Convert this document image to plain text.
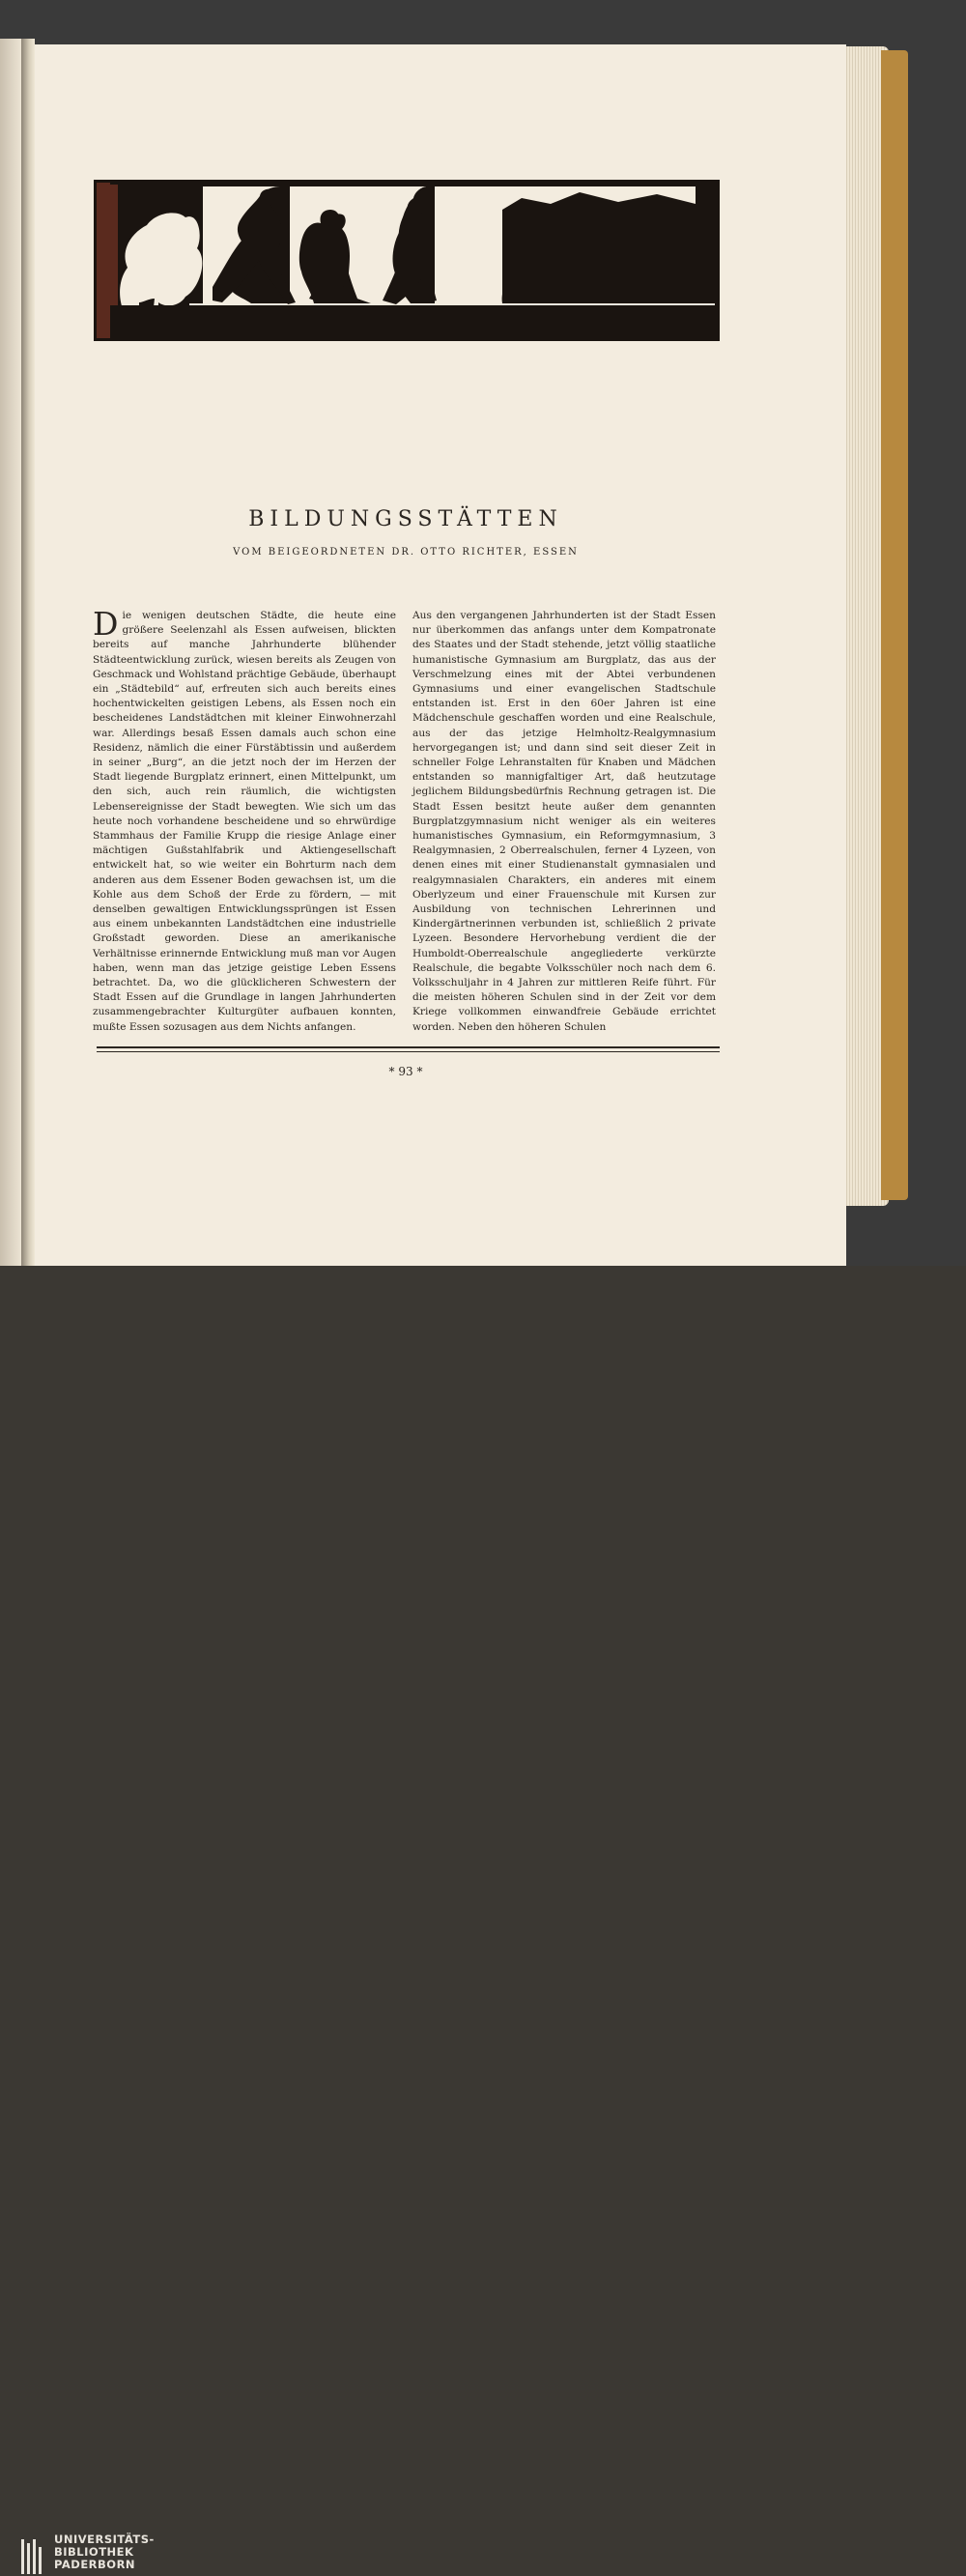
BILDUNGSSTÄTTEN
VOM BEIGEORDNETEN DR. OTTO RICHTER, ESSEN
Die wenigen deutschen Städte, die heute eine größere Seelenzahl als Essen aufweisen, blickten bereits auf manche Jahrhunderte blühender Städteentwicklung zurück, wiesen bereits als Zeugen von Geschmack und Wohlstand prächtige Gebäude, überhaupt ein „Städtebild“ auf, erfreuten sich auch bereits eines hochentwickelten geistigen Lebens, als Essen noch ein bescheidenes Landstädtchen mit kleiner Einwohnerzahl war. Allerdings besaß Essen damals auch schon eine Residenz, nämlich die einer Fürstäbtissin und außerdem in seiner „Burg“, an die jetzt noch der im Herzen der Stadt liegende Burgplatz erinnert, einen Mittelpunkt, um den sich, auch rein räumlich, die wichtigsten Lebensereignisse der Stadt bewegten. Wie sich um das heute noch vorhandene bescheidene und so ehrwürdige Stammhaus der Familie Krupp die riesige Anlage einer mächtigen Gußstahlfabrik und Aktiengesellschaft entwickelt hat, so wie weiter ein Bohrturm nach dem anderen aus dem Essener Boden gewachsen ist, um die Kohle aus dem Schoß der Erde zu fördern, — mit denselben gewaltigen Entwicklungssprüngen ist Essen aus einem unbekannten Landstädtchen eine industrielle Großstadt geworden. Diese an amerikanische Verhältnisse erinnernde Entwicklung muß man vor Augen haben, wenn man das jetzige geistige Leben Essens betrachtet. Da, wo die glücklicheren Schwestern der Stadt Essen auf die Grundlage in langen Jahrhunderten zusammengebrachter Kulturgüter aufbauen konnten, mußte Essen sozusagen aus dem Nichts anfangen.
Aus den vergangenen Jahrhunderten ist der Stadt Essen nur überkommen das anfangs unter dem Kompatronate des Staates und der Stadt stehende, jetzt völlig staatliche humanistische Gymnasium am Burgplatz, das aus der Verschmelzung eines mit der Abtei verbundenen Gymnasiums und einer evangelischen Stadtschule entstanden ist. Erst in den 60er Jahren ist eine Mädchenschule geschaffen worden und eine Realschule, aus der das jetzige Helmholtz-Realgymnasium hervorgegangen ist; und dann sind seit dieser Zeit in schneller Folge Lehranstalten für Knaben und Mädchen entstanden so mannigfaltiger Art, daß heutzutage jeglichem Bildungsbedürfnis Rechnung getragen ist. Die Stadt Essen besitzt heute außer dem genannten Burgplatzgymnasium nicht weniger als ein weiteres humanistisches Gymnasium, ein Reformgymnasium, 3 Realgymnasien, 2 Oberrealschulen, ferner 4 Lyzeen, von denen eines mit einer Studienanstalt gymnasialen und realgymnasialen Charakters, ein anderes mit einem Oberlyzeum und einer Frauenschule mit Kursen zur Ausbildung von technischen Lehrerinnen und Kindergärtnerinnen verbunden ist, schließlich 2 private Lyzeen. Besondere Hervorhebung verdient die der Humboldt-Oberrealschule angegliederte verkürzte Realschule, die begabte Volksschüler noch nach dem 6. Volksschuljahr in 4 Jahren zur mittleren Reife führt. Für die meisten höheren Schulen sind in der Zeit vor dem Kriege vollkommen einwandfreie Gebäude errichtet worden. Neben den höheren Schulen
* 93 *
UNIVERSITÄTS-
BIBLIOTHEK
PADERBORN
